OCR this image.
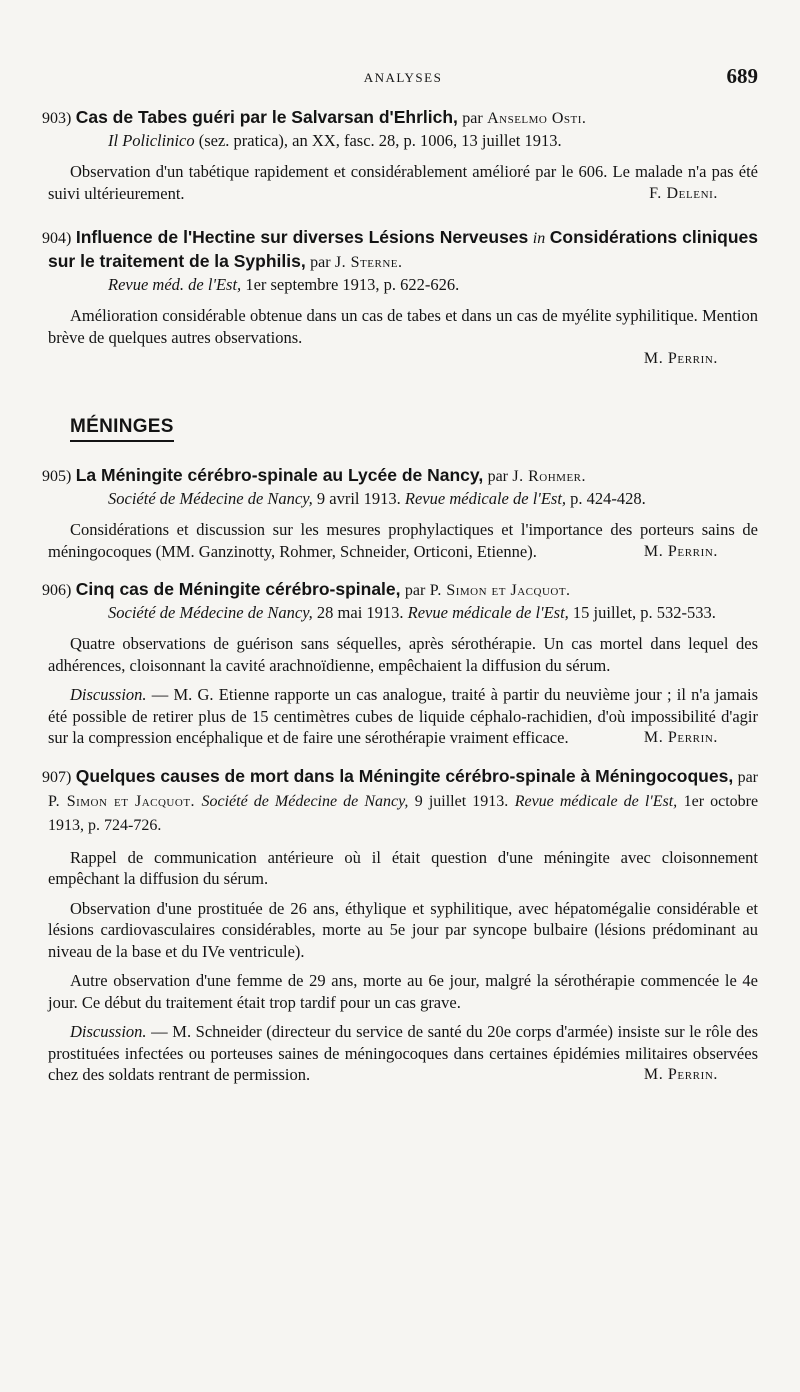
ANALYSES	689

903) Cas de Tabes guéri par le Salvarsan d'Ehrlich, par Anselmo Osti.

Il Policlinico (sez. pratica), an XX, fasc. 28, p. 1006, 13 juillet 1913.

Observation d'un tabétique rapidement et considérablement amélioré par le 606. Le malade n'a pas été suivi ultérieurement.	F. Deleni.

904) Influence de l'Hectine sur diverses Lésions Nerveuses in Considérations cliniques sur le traitement de la Syphilis, par J. Sterne.

Revue méd. de l'Est, 1er septembre 1913, p. 622-626.

Amélioration considérable obtenue dans un cas de tabes et dans un cas de myélite syphilitique. Mention brève de quelques autres observations.

M. Perrin.
MÉNINGES

905) La Méningite cérébro-spinale au Lycée de Nancy, par J. Rohmer.

Société de Médecine de Nancy, 9 avril 1913. Revue médicale de l'Est, p. 424-428.

Considérations et discussion sur les mesures prophylactiques et l'importance des porteurs sains de méningocoques (MM. Ganzinotty, Rohmer, Schneider, Orticoni, Etienne).	M. Perrin.

906) Cinq cas de Méningite cérébro-spinale, par P. Simon et Jacquot.

Société de Médecine de Nancy, 28 mai 1913. Revue médicale de l'Est, 15 juillet, p. 532-533.

Quatre observations de guérison sans séquelles, après sérothérapie. Un cas mortel dans lequel des adhérences, cloisonnant la cavité arachnoïdienne, empêchaient la diffusion du sérum.

Discussion. — M. G. Etienne rapporte un cas analogue, traité à partir du neuvième jour ; il n'a jamais été possible de retirer plus de 15 centimètres cubes de liquide céphalo-rachidien, d'où impossibilité d'agir sur la compression encéphalique et de faire une sérothérapie vraiment efficace.	M. Perrin.

907) Quelques causes de mort dans la Méningite cérébro-spinale à Méningocoques, par P. Simon et Jacquot. Société de Médecine de Nancy, 9 juillet 1913. Revue médicale de l'Est, 1er octobre 1913, p. 724-726.

Rappel de communication antérieure où il était question d'une méningite avec cloisonnement empêchant la diffusion du sérum.

Observation d'une prostituée de 26 ans, éthylique et syphilitique, avec hépatomégalie considérable et lésions cardiovasculaires considérables, morte au 5e jour par syncope bulbaire (lésions prédominant au niveau de la base et du IVe ventricule).

Autre observation d'une femme de 29 ans, morte au 6e jour, malgré la sérothérapie commencée le 4e jour. Ce début du traitement était trop tardif pour un cas grave.

Discussion. — M. Schneider (directeur du service de santé du 20e corps d'armée) insiste sur le rôle des prostituées infectées ou porteuses saines de méningocoques dans certaines épidémies militaires observées chez des soldats rentrant de permission.	M. Perrin.
